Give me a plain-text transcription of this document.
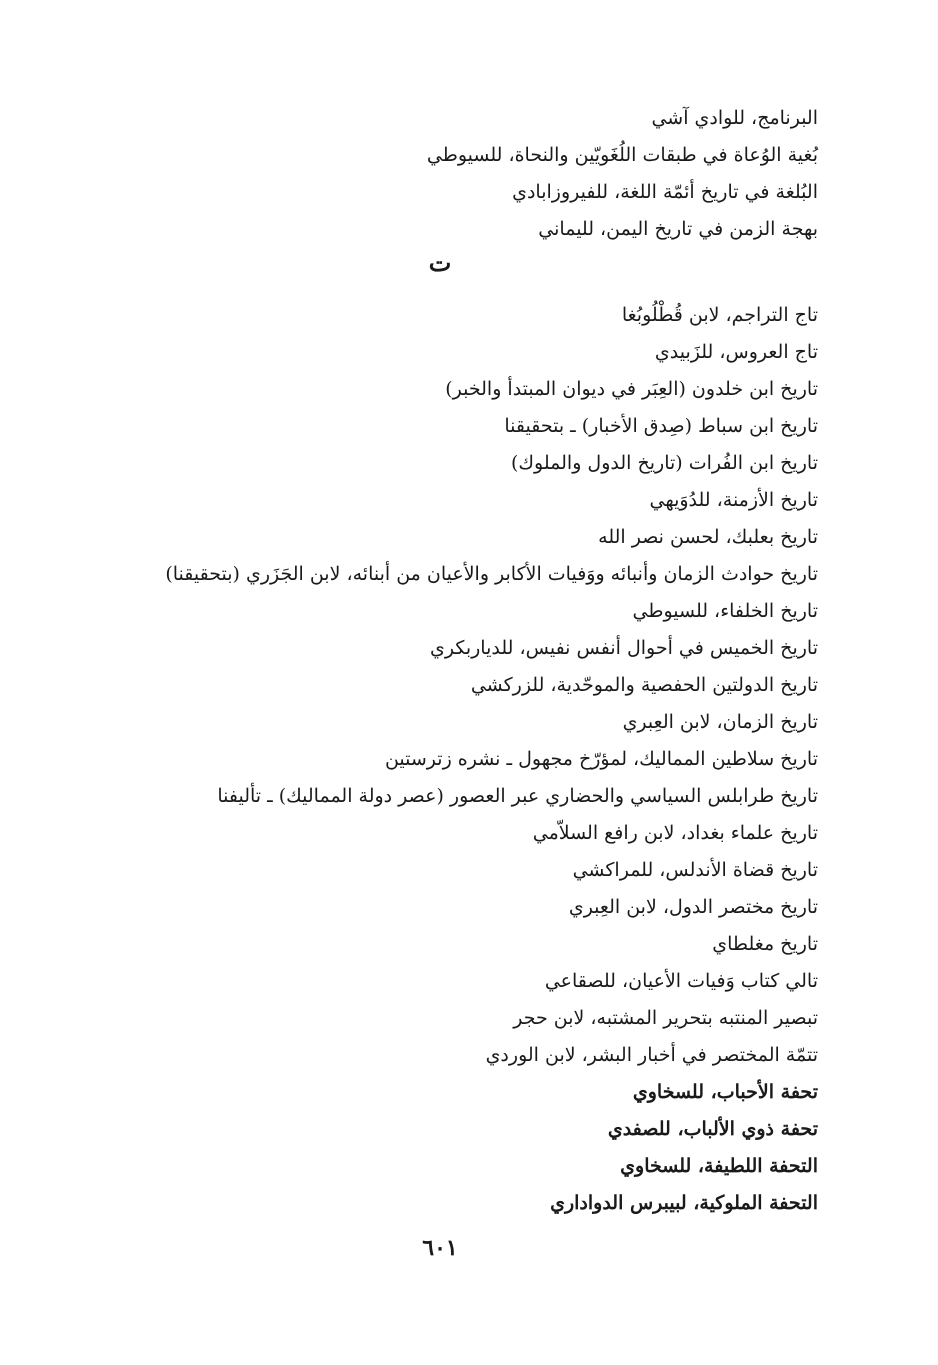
البرنامج، للوادي آشي
بُغية الوُعاة في طبقات اللُغَويّين والنحاة، للسيوطي
البُلغة في تاريخ أئمّة اللغة، للفيروزابادي
بهجة الزمن في تاريخ اليمن، لليماني
ت
تاج التراجم، لابن قُطْلُوبُغا
تاج العروس، للزَبيدي
تاريخ ابن خلدون (العِبَر في ديوان المبتدأ والخبر)
تاريخ ابن سباط (صِدق الأخبار) ـ بتحقيقنا
تاريخ ابن الفُرات (تاريخ الدول والملوك)
تاريخ الأزمنة، للدُوَيهي
تاريخ بعلبك، لحسن نصر الله
تاريخ حوادث الزمان وأنبائه ووَفيات الأكابر والأعيان من أبنائه، لابن الجَزَري (بتحقيقنا)
تاريخ الخلفاء، للسيوطي
تاريخ الخميس في أحوال أنفس نفيس، للدياربكري
تاريخ الدولتين الحفصية والموحّدية، للزركشي
تاريخ الزمان، لابن العِبري
تاريخ سلاطين المماليك، لمؤرّخ مجهول ـ نشره زترستين
تاريخ طرابلس السياسي والحضاري عبر العصور (عصر دولة المماليك) ـ تأليفنا
تاريخ علماء بغداد، لابن رافع السلاّمي
تاريخ قضاة الأندلس، للمراكشي
تاريخ مختصر الدول، لابن العِبري
تاريخ مغلطاي
تالي كتاب وَفيات الأعيان، للصقاعي
تبصير المنتبه بتحرير المشتبه، لابن حجر
تتمّة المختصر في أخبار البشر، لابن الوردي
تحفة الأحباب، للسخاوي
تحفة ذوي الألباب، للصفدي
التحفة اللطيفة، للسخاوي
التحفة الملوكية، لبيبرس الدواداري
٦٠١
